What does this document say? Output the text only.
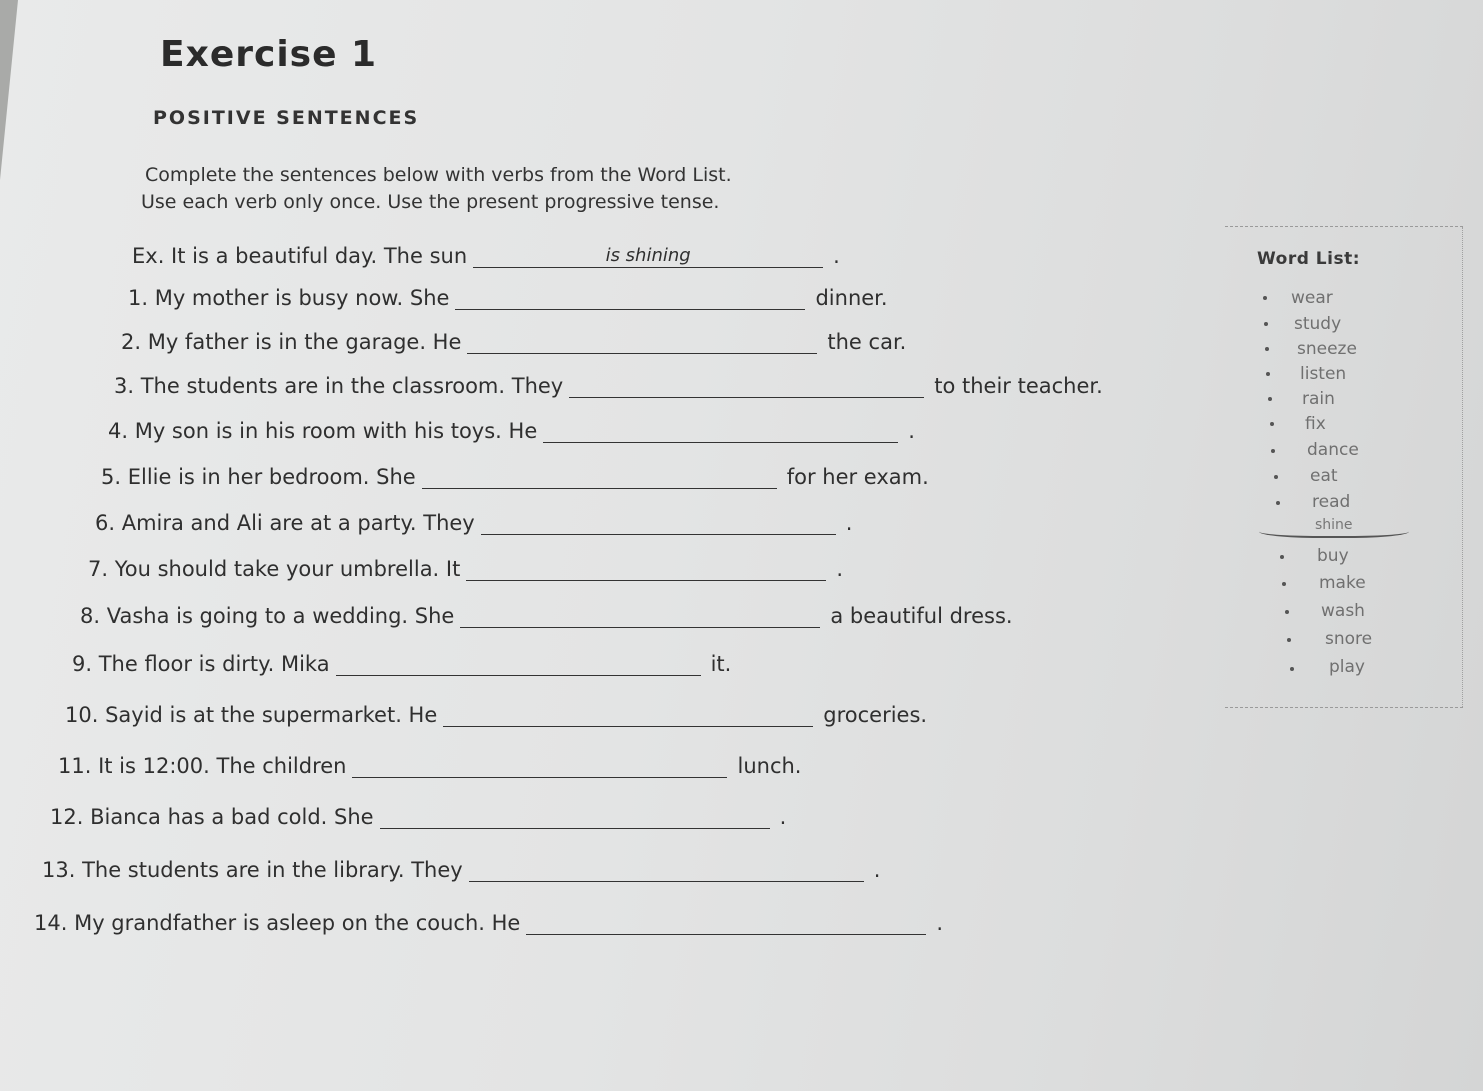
Exercise 1
POSITIVE SENTENCES
Complete the sentences below with verbs from the Word List.
Use each verb only once. Use the present progressive tense.
Ex. It is a beautiful day. The sun	is shining	.
1. My mother is busy now. She	dinner.
2. My father is in the garage. He	the car.
3. The students are in the classroom. They	to their teacher.
4. My son is in his room with his toys. He	.
5. Ellie is in her bedroom. She	for her exam.
6. Amira and Ali are at a party. They	.
7. You should take your umbrella. It	.
8. Vasha is going to a wedding. She	a beautiful dress.
9. The floor is dirty. Mika	it.
10. Sayid is at the supermarket. He	groceries.
11. It is 12:00. The children	lunch.
12. Bianca has a bad cold. She	.
13. The students are in the library. They	.
14. My grandfather is asleep on the couch. He	.
Word List:
wear
study
sneeze
listen
rain
fix
dance
eat
read
shine
buy
make
wash
snore
play
